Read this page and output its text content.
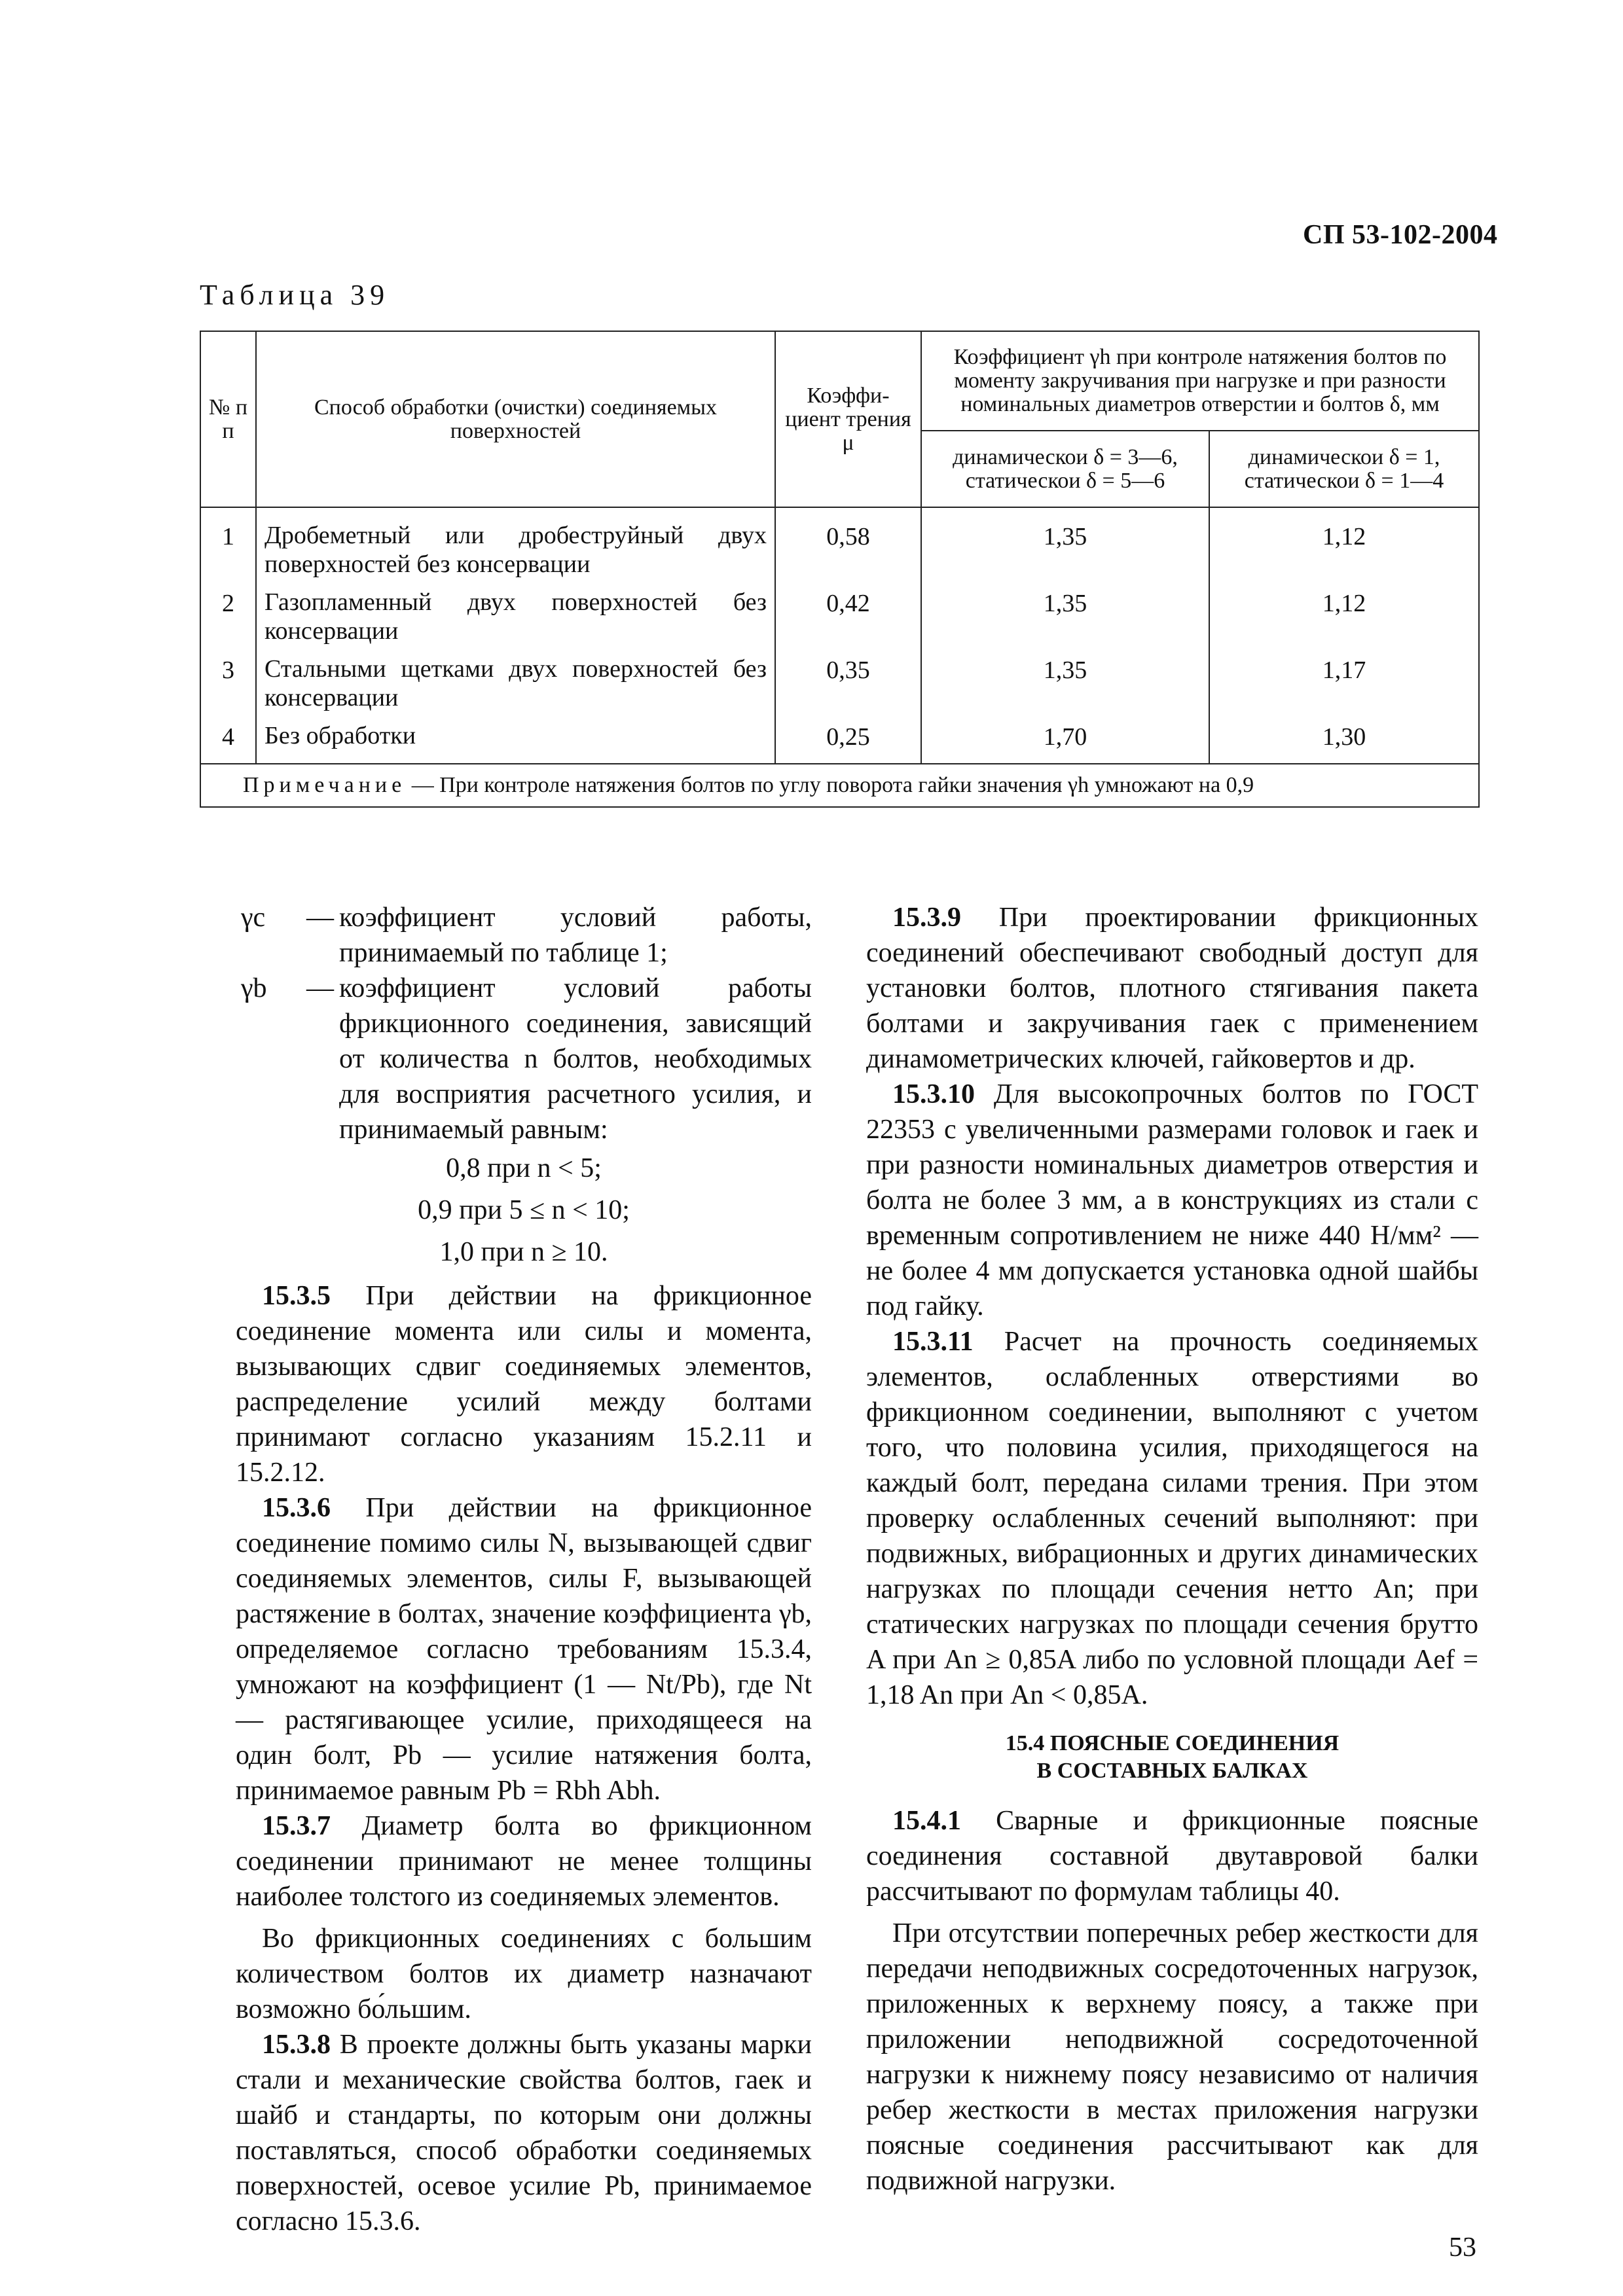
СП 53-102-2004
Таблица 39
№ п п	Способ обработки (очистки) соединяемых поверхностей	Коэффи-циент трения μ	Коэффициент γh при контроле натяжения болтов по моменту закручивания при нагрузке и при разности номинальных диаметров отверстии и болтов δ, мм	
			динамическои δ = 3—6, статическои δ = 5—6	динамическои δ = 1, статическои δ = 1—4
1	Дробеметный или дробеструйный двух поверхностей без консервации	0,58	1,35	1,12
2	Газопламенный двух поверхностей без консервации	0,42	1,35	1,12
3	Стальными щетками двух поверхностей без консервации	0,35	1,35	1,17
4	Без обработки	0,25	1,70	1,30
Примечание — При контроле натяжения болтов по углу поворота гайки значения γh умножают на 0,9				
γc	— коэффициент условий работы, принимаемый по таблице 1;
γb	— коэффициент условий работы фрикционного соединения, зависящий от количества n болтов, необходимых для восприятия расчетного усилия, и принимаемый равным:

0,8 при n < 5;

0,9 при 5 ≤ n < 10;

1,0 при n ≥ 10.

15.3.5 При действии на фрикционное соединение момента или силы и момента, вызывающих сдвиг соединяемых элементов, распределение усилий между болтами принимают согласно указаниям 15.2.11 и 15.2.12.

15.3.6 При действии на фрикционное соединение помимо силы N, вызывающей сдвиг соединяемых элементов, силы F, вызывающей растяжение в болтах, значение коэффициента γb, определяемое согласно требованиям 15.3.4, умножают на коэффициент (1 — Nt/Pb), где Nt — растягивающее усилие, приходящееся на один болт, Pb — усилие натяжения болта, принимаемое равным Pb = Rbh Abh.

15.3.7 Диаметр болта во фрикционном соединении принимают не менее толщины наиболее толстого из соединяемых элементов.

Во фрикционных соединениях с большим количеством болтов их диаметр назначают возможно бо́льшим.

15.3.8 В проекте должны быть указаны марки стали и механические свойства болтов, гаек и шайб и стандарты, по которым они должны поставляться, способ обработки соединяемых поверхностей, осевое усилие Pb, принимаемое согласно 15.3.6.

15.3.9 При проектировании фрикционных соединений обеспечивают свободный доступ для установки болтов, плотного стягивания пакета болтами и закручивания гаек с применением динамометрических ключей, гайковертов и др.

15.3.10 Для высокопрочных болтов по ГОСТ 22353 с увеличенными размерами головок и гаек и при разности номинальных диаметров отверстия и болта не более 3 мм, а в конструкциях из стали с временным сопротивлением не ниже 440 Н/мм² — не более 4 мм допускается установка одной шайбы под гайку.

15.3.11 Расчет на прочность соединяемых элементов, ослабленных отверстиями во фрикционном соединении, выполняют с учетом того, что половина усилия, приходящегося на каждый болт, передана силами трения. При этом проверку ослабленных сечений выполняют: при подвижных, вибрационных и других динамических нагрузках по площади сечения нетто An; при статических нагрузках по площади сечения брутто A при An ≥ 0,85A либо по условной площади Aef = 1,18 An при An < 0,85A.

15.4 ПОЯСНЫЕ СОЕДИНЕНИЯ
В СОСТАВНЫХ БАЛКАХ

15.4.1 Сварные и фрикционные поясные соединения составной двутавровой балки рассчитывают по формулам таблицы 40.

При отсутствии поперечных ребер жесткости для передачи неподвижных сосредоточенных нагрузок, приложенных к верхнему поясу, а также при приложении неподвижной сосредоточенной нагрузки к нижнему поясу независимо от наличия ребер жесткости в местах приложения нагрузки поясные соединения рассчитывают как для подвижной нагрузки.

53
